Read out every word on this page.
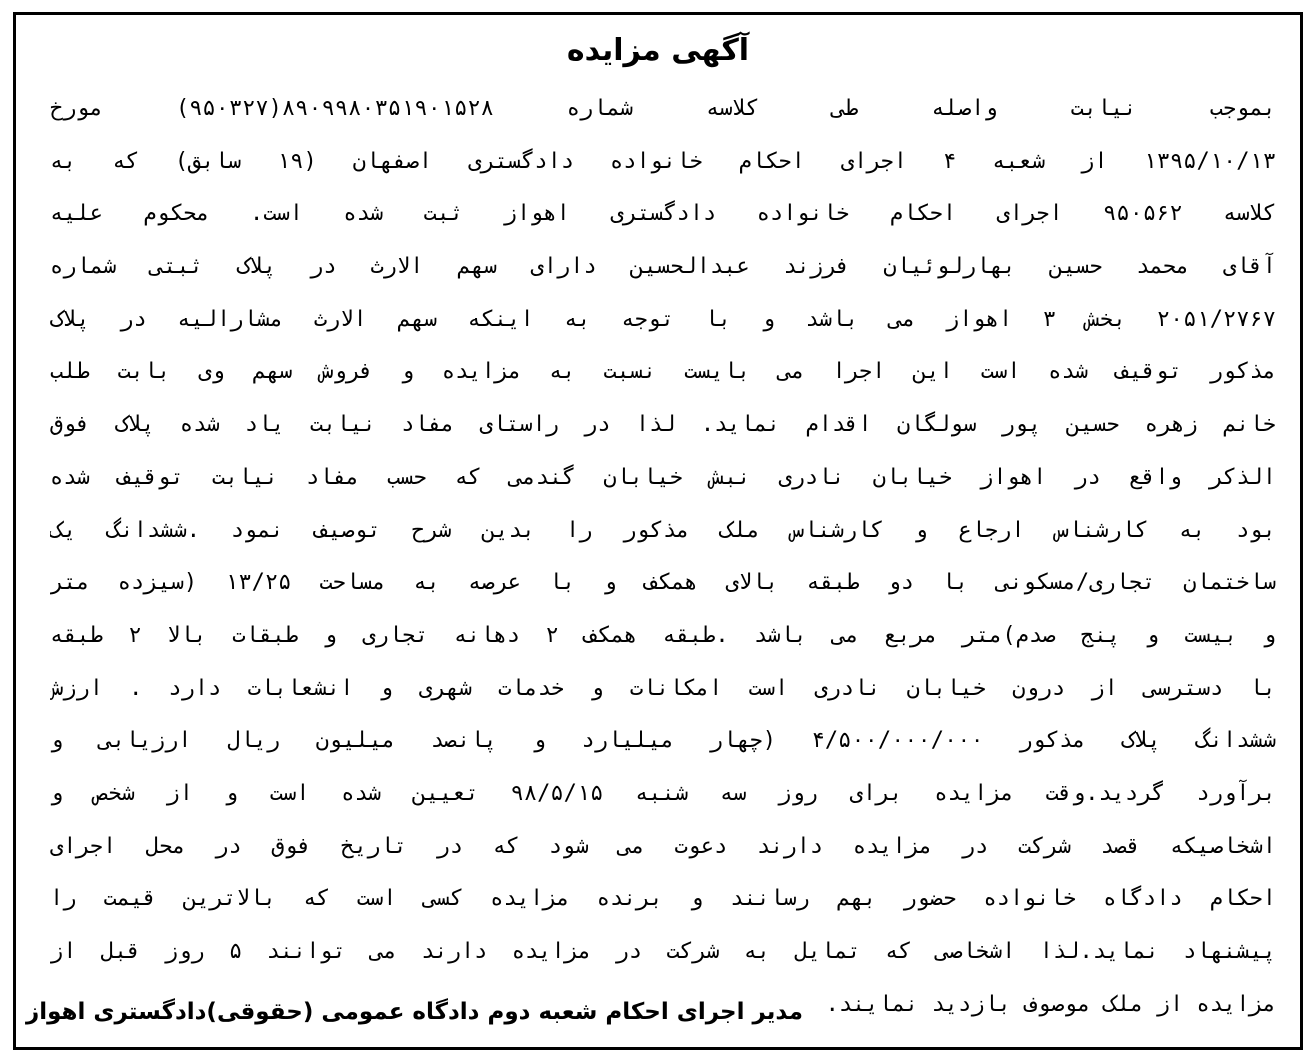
آگهی مزایده
بموجب نیابت واصله طی کلاسه شماره ۸۹۰۹۹۸۰۳۵۱۹۰۱۵۲۸(۹۵۰۳۲۷) مورخ
۱۳۹۵/۱۰/۱۳ از شعبه ۴ اجرای احکام خانواده دادگستری اصفهان (۱۹ سابق) که به
کلاسه ۹۵۰۵۶۲ اجرای احکام خانواده دادگستری اهواز ثبت شده است. محکوم علیه
آقای محمد حسین بهارلوئیان فرزند عبدالحسین دارای سهم الارث در پلاک ثبتی شماره
۲۰۵۱/۲۷۶۷ بخش ۳ اهواز می باشد و با توجه به اینکه سهم الارث مشارالیه در پلاک
مذکور توقیف شده است این اجرا می بایست نسبت به مزایده و فروش سهم وی بابت طلب
خانم زهره حسین پور سولگان اقدام نماید. لذا در راستای مفاد نیابت یاد شده پلاک فوق
الذکر واقع در اهواز خیابان نادری نبش خیابان گندمی که حسب مفاد نیابت توقیف شده
بود به کارشناس ارجاع و کارشناس ملک مذکور را بدین شرح توصیف نمود .ششدانگ یک
ساختمان تجاری/مسکونی با دو طبقه بالای همکف و با عرصه به مساحت ۱۳/۲۵ (سیزده متر
و بیست و پنج صدم)متر مربع می باشد .طبقه همکف ۲ دهانه تجاری و طبقات بالا ۲ طبقه
با دسترسی از درون خیابان نادری است امکانات و خدمات شهری و انشعابات دارد . ارزش
ششدانگ پلاک مذکور ۴/۵۰۰/۰۰۰/۰۰۰ (چهار میلیارد و پانصد میلیون ریال ارزیابی و
برآورد گردید.وقت مزایده برای روز سه شنبه ۹۸/۵/۱۵ تعیین شده است و از شخص و
اشخاصیکه قصد شرکت در مزایده دارند دعوت می شود که در تاریخ فوق در محل اجرای
احکام دادگاه خانواده حضور بهم رسانند و برنده مزایده کسی است که بالاترین قیمت را
پیشنهاد نماید.لذا اشخاصی که تمایل به شرکت در مزایده دارند می توانند ۵ روز قبل از
مزایده از ملک موصوف بازدید نمایند.
مدیر اجرای احکام شعبه دوم دادگاه عمومی (حقوقی)دادگستری اهواز
